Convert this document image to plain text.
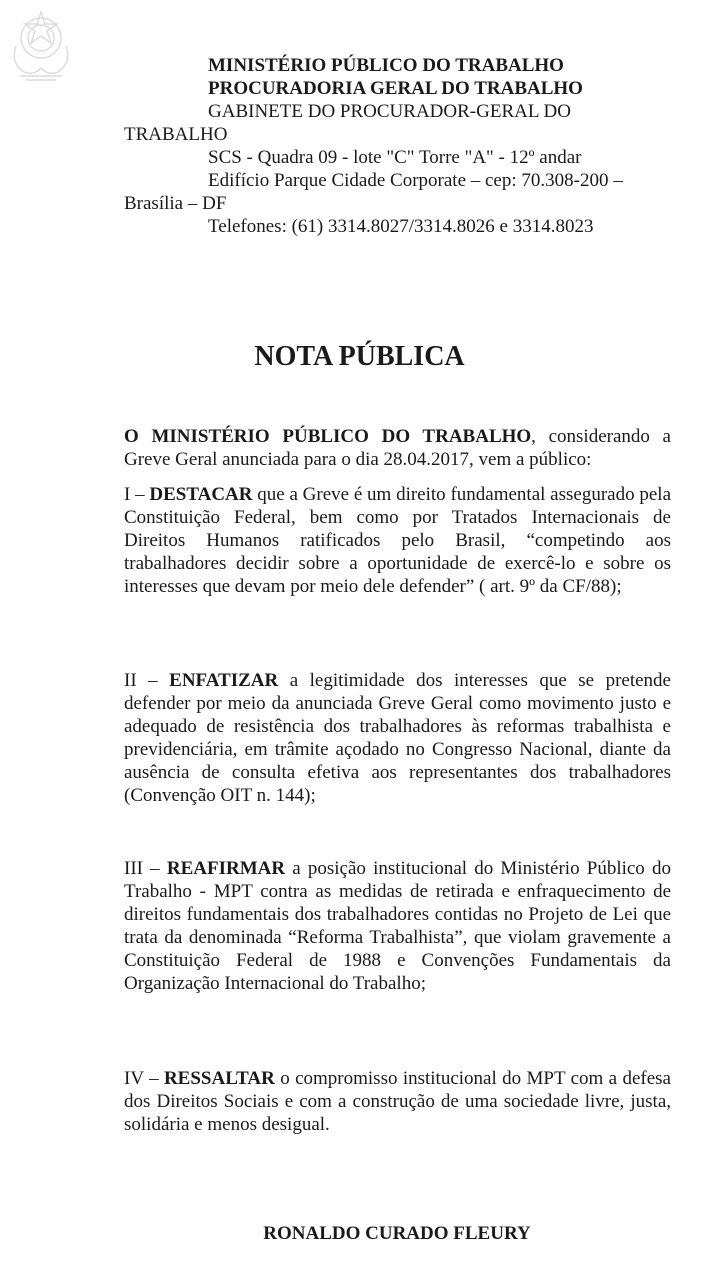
MINISTÉRIO PÚBLICO DO TRABALHO
PROCURADORIA GERAL DO TRABALHO
GABINETE DO PROCURADOR-GERAL DO
TRABALHO
SCS - Quadra 09 - lote "C" Torre "A" - 12º andar
Edifício Parque Cidade Corporate – cep: 70.308-200 –
Brasília – DF
Telefones: (61) 3314.8027/3314.8026 e 3314.8023
NOTA PÚBLICA
O MINISTÉRIO PÚBLICO DO TRABALHO, considerando a Greve Geral anunciada para o dia 28.04.2017, vem a público:
I – DESTACAR que a Greve é um direito fundamental assegurado pela Constituição Federal, bem como por Tratados Internacionais de Direitos Humanos ratificados pelo Brasil, “competindo aos trabalhadores decidir sobre a oportunidade de exercê-lo e sobre os interesses que devam por meio dele defender” ( art. 9º da CF/88);
II – ENFATIZAR a legitimidade dos interesses que se pretende defender por meio da anunciada Greve Geral como movimento justo e adequado de resistência dos trabalhadores às reformas trabalhista e previdenciária, em trâmite açodado no Congresso Nacional, diante da ausência de consulta efetiva aos representantes dos trabalhadores (Convenção OIT n. 144);
III – REAFIRMAR a posição institucional do Ministério Público do Trabalho - MPT contra as medidas de retirada e enfraquecimento de direitos fundamentais dos trabalhadores contidas no Projeto de Lei que trata da denominada “Reforma Trabalhista”, que violam gravemente a Constituição Federal de 1988 e Convenções Fundamentais da Organização Internacional do Trabalho;
IV – RESSALTAR o compromisso institucional do MPT com a defesa dos Direitos Sociais e com a construção de uma sociedade livre, justa, solidária e menos desigual.
RONALDO CURADO FLEURY
